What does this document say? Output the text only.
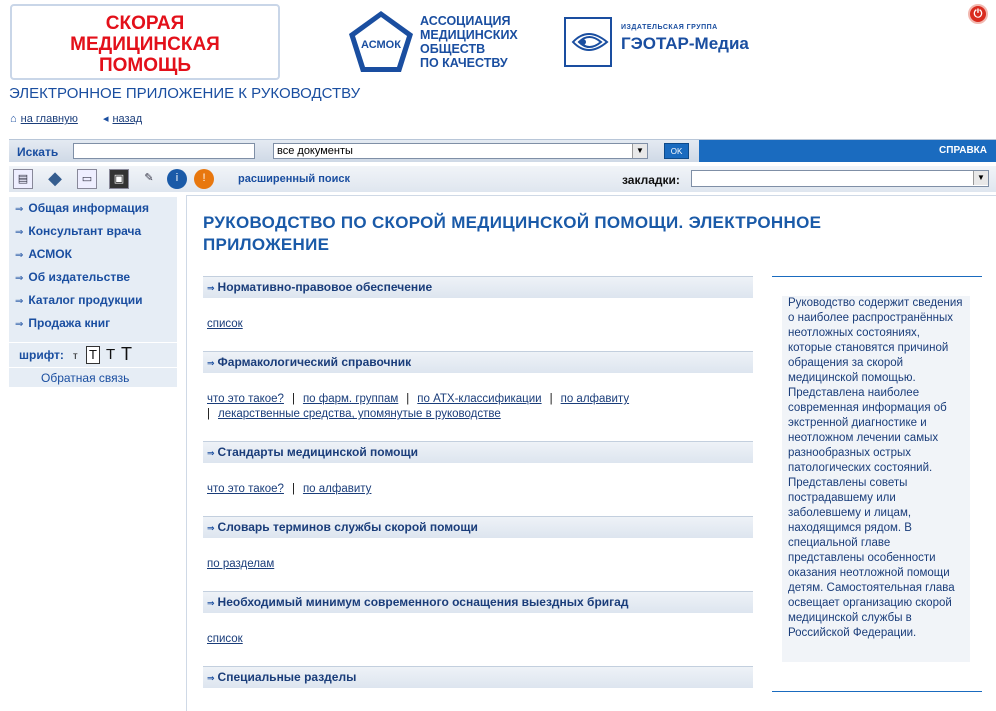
СКОРАЯ
МЕДИЦИНСКАЯ
ПОМОЩЬ
АСМОК
АССОЦИАЦИЯ
МЕДИЦИНСКИХ
ОБЩЕСТВ
ПО КАЧЕСТВУ
ИЗДАТЕЛЬСКАЯ ГРУППА
ГЭОТАР-Медиа
⏻
ЭЛЕКТРОННОЕ ПРИЛОЖЕНИЕ К РУКОВОДСТВУ
⌂ на главную ◂ назад
Искать	все документы	▼	OK	СПРАВКА
▤ ◆	▭	▣	✎	i	!	расширенный поиск	закладки:	▼
⇒ Общая информация
⇒ Консультант врача
⇒ АСМОК
⇒ Об издательстве
⇒ Каталог продукции
⇒ Продажа книг
шрифт: т Т Т Т
Обратная связь
РУКОВОДСТВО ПО СКОРОЙ МЕДИЦИНСКОЙ ПОМОЩИ. ЭЛЕКТРОННОЕ ПРИЛОЖЕНИЕ
⇒ Нормативно-правовое обеспечение
список
⇒ Фармакологический справочник
что это такое? | по фарм. группам | по АТХ-классификации | по алфавиту
| лекарственные средства, упомянутые в руководстве
⇒ Стандарты медицинской помощи
что это такое? | по алфавиту
⇒ Словарь терминов службы скорой помощи
по разделам
⇒ Необходимый минимум современного оснащения выездных бригад
список
⇒ Специальные разделы
Руководство содержит сведения о наиболее распространённых неотложных состояниях, которые становятся причиной обращения за скорой медицинской помощью. Представлена наиболее современная информация об экстренной диагностике и неотложном лечении самых разнообразных острых патологических состояний. Представлены советы пострадавшему или заболевшему и лицам, находящимся рядом. В специальной главе представлены особенности оказания неотложной помощи детям. Самостоятельная глава освещает организацию скорой медицинской службы в Российской Федерации.
